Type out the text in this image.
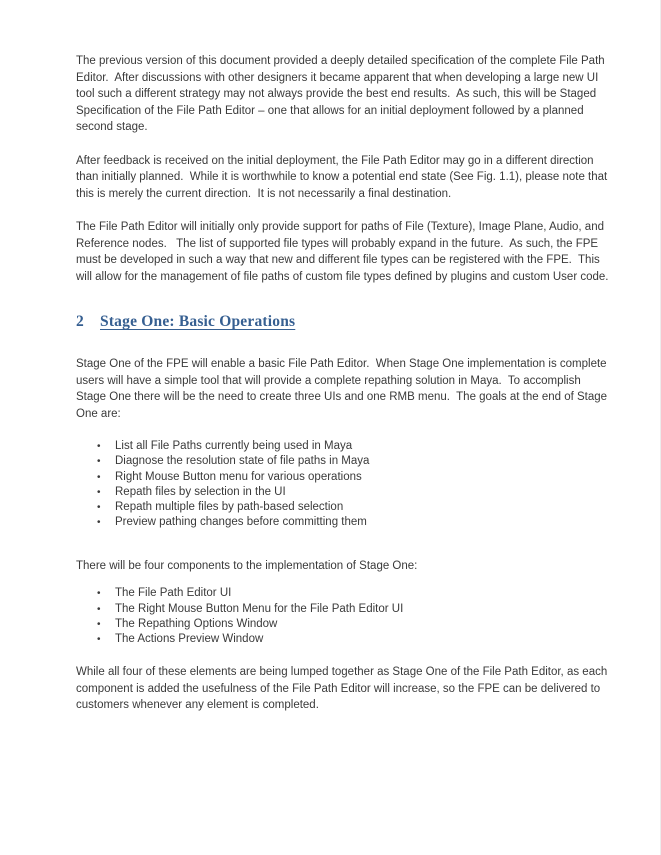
The previous version of this document provided a deeply detailed specification of the complete File Path Editor.  After discussions with other designers it became apparent that when developing a large new UI tool such a different strategy may not always provide the best end results.  As such, this will be Staged Specification of the File Path Editor – one that allows for an initial deployment followed by a planned second stage.

After feedback is received on the initial deployment, the File Path Editor may go in a different direction than initially planned.  While it is worthwhile to know a potential end state (See Fig. 1.1), please note that this is merely the current direction.  It is not necessarily a final destination.

The File Path Editor will initially only provide support for paths of File (Texture), Image Plane, Audio, and Reference nodes.   The list of supported file types will probably expand in the future.  As such, the FPE must be developed in such a way that new and different file types can be registered with the FPE.  This will allow for the management of file paths of custom file types defined by plugins and custom User code.

2 Stage One: Basic Operations

Stage One of the FPE will enable a basic File Path Editor.  When Stage One implementation is complete users will have a simple tool that will provide a complete repathing solution in Maya.  To accomplish Stage One there will be the need to create three UIs and one RMB menu.  The goals at the end of Stage One are:

• List all File Paths currently being used in Maya
• Diagnose the resolution state of file paths in Maya
• Right Mouse Button menu for various operations
• Repath files by selection in the UI
• Repath multiple files by path-based selection
• Preview pathing changes before committing them

There will be four components to the implementation of Stage One:

• The File Path Editor UI
• The Right Mouse Button Menu for the File Path Editor UI
• The Repathing Options Window
• The Actions Preview Window

While all four of these elements are being lumped together as Stage One of the File Path Editor, as each component is added the usefulness of the File Path Editor will increase, so the FPE can be delivered to customers whenever any element is completed.
